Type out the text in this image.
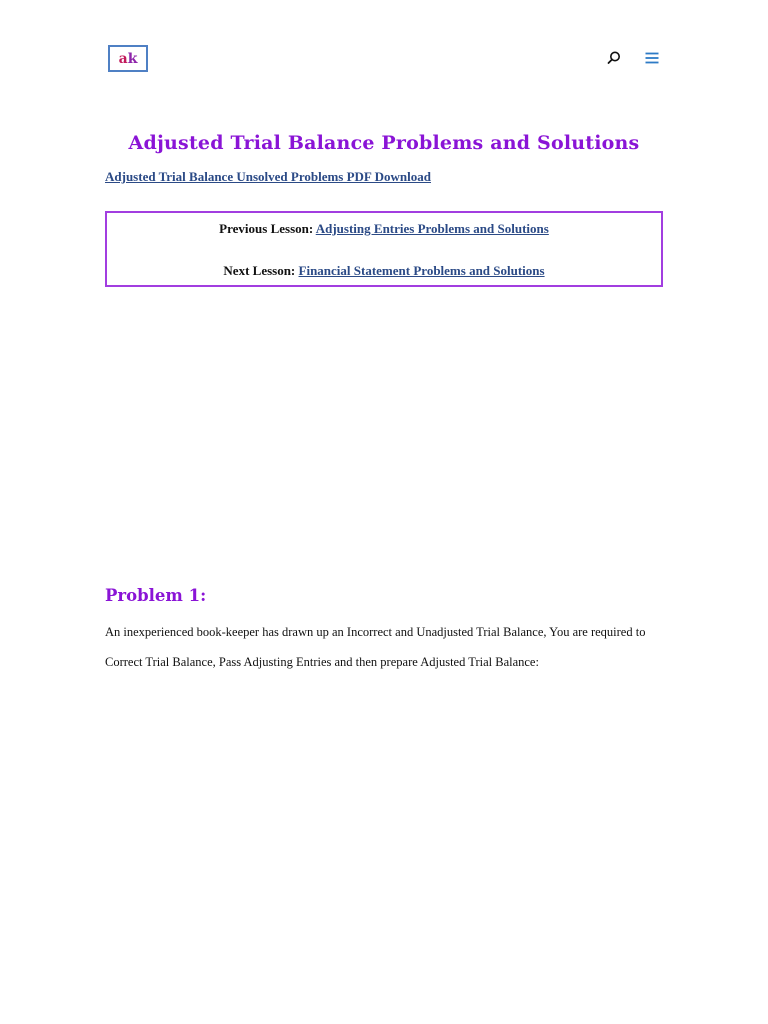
a k
Adjusted Trial Balance Problems and Solutions
Adjusted Trial Balance Unsolved Problems PDF Download
Previous Lesson: Adjusting Entries Problems and Solutions
Next Lesson: Financial Statement Problems and Solutions
Problem 1:
An inexperienced book-keeper has drawn up an Incorrect and Unadjusted Trial Balance, You are required to
Correct Trial Balance, Pass Adjusting Entries and then prepare Adjusted Trial Balance:
